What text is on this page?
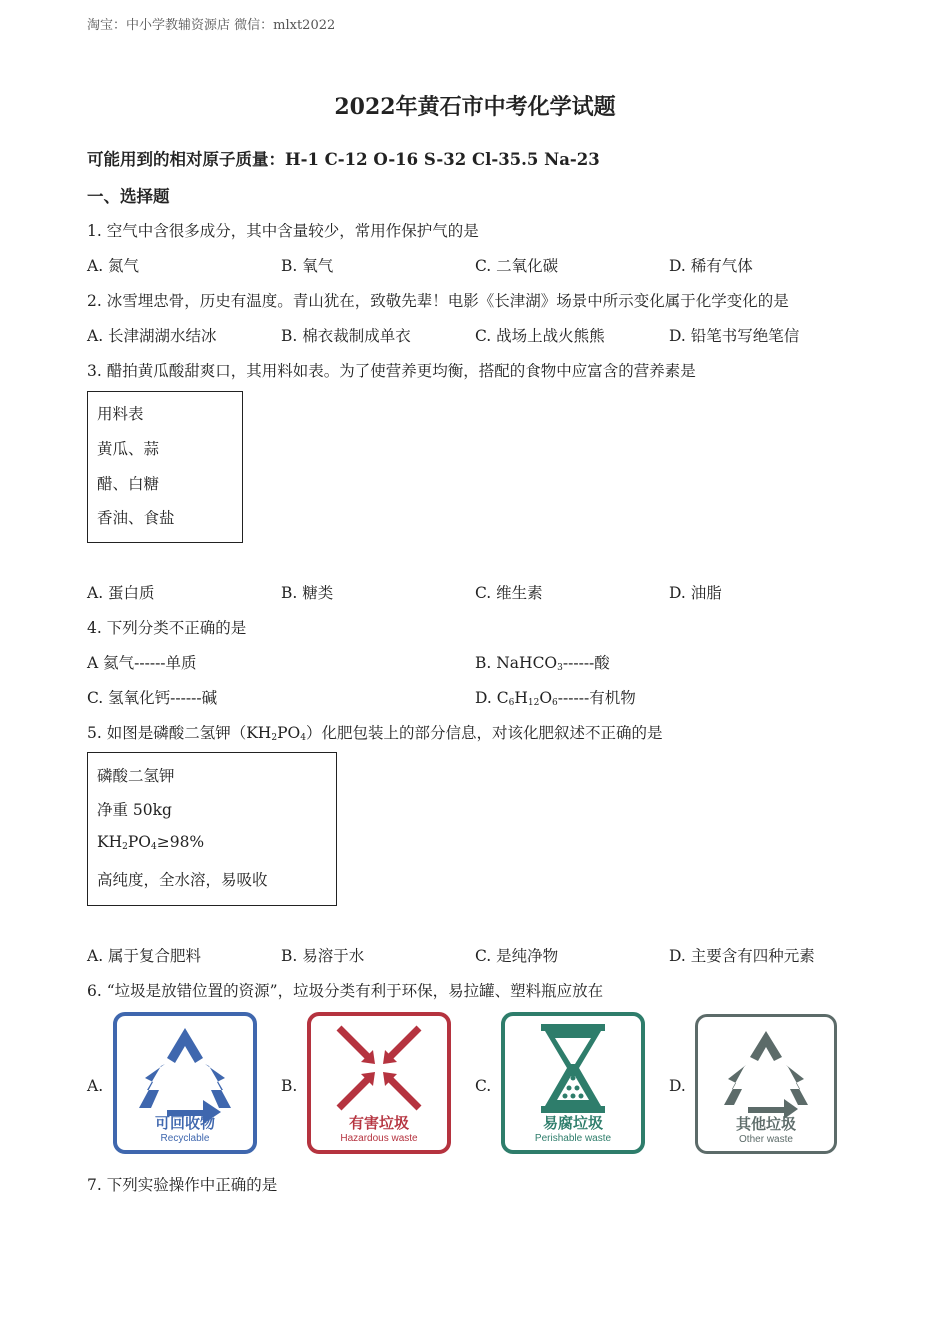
淘宝：中小学教辅资源店 微信：mlxt2022
2022年黄石市中考化学试题
可能用到的相对原子质量：H-1 C-12 O-16 S-32 Cl-35.5 Na-23
一、选择题
1. 空气中含很多成分，其中含量较少，常用作保护气的是
A. 氮气	B. 氧气	C. 二氧化碳	D. 稀有气体
2. 冰雪埋忠骨，历史有温度。青山犹在，致敬先辈！电影《长津湖》场景中所示变化属于化学变化的是
A. 长津湖湖水结冰	B. 棉衣裁制成单衣	C. 战场上战火熊熊	D. 铅笔书写绝笔信
3. 醋拍黄瓜酸甜爽口，其用料如表。为了使营养更均衡，搭配的食物中应富含的营养素是
用料表
黄瓜、蒜
醋、白糖
香油、食盐
A. 蛋白质	B. 糖类	C. 维生素	D. 油脂
4. 下列分类不正确的是
A 氦气------单质	B. NaHCO$_3$------酸
C. 氢氧化钙------碱	D. $C_6H_{12}O_6------$有机物
5. 如图是磷酸二氢钾$(KH_2PO_4)$化肥包装上的部分信息，对该化肥叙述不正确的是
磷酸二氢钾
净重 50kg
$KH_2PO_4\ge 98\%$
高纯度，全水溶，易吸收
A. 属于复合肥料	B. 易溶于水	C. 是纯净物	D. 主要含有四种元素
6. “垃圾是放错位置的资源”，垃圾分类有利于环保，易拉罐、塑料瓶应放在
A.	B.	C.	D.
可回收物
Recyclable
有害垃圾
Hazardous waste
易腐垃圾
Perishable waste
其他垃圾
Other waste
7. 下列实验操作中正确的是
